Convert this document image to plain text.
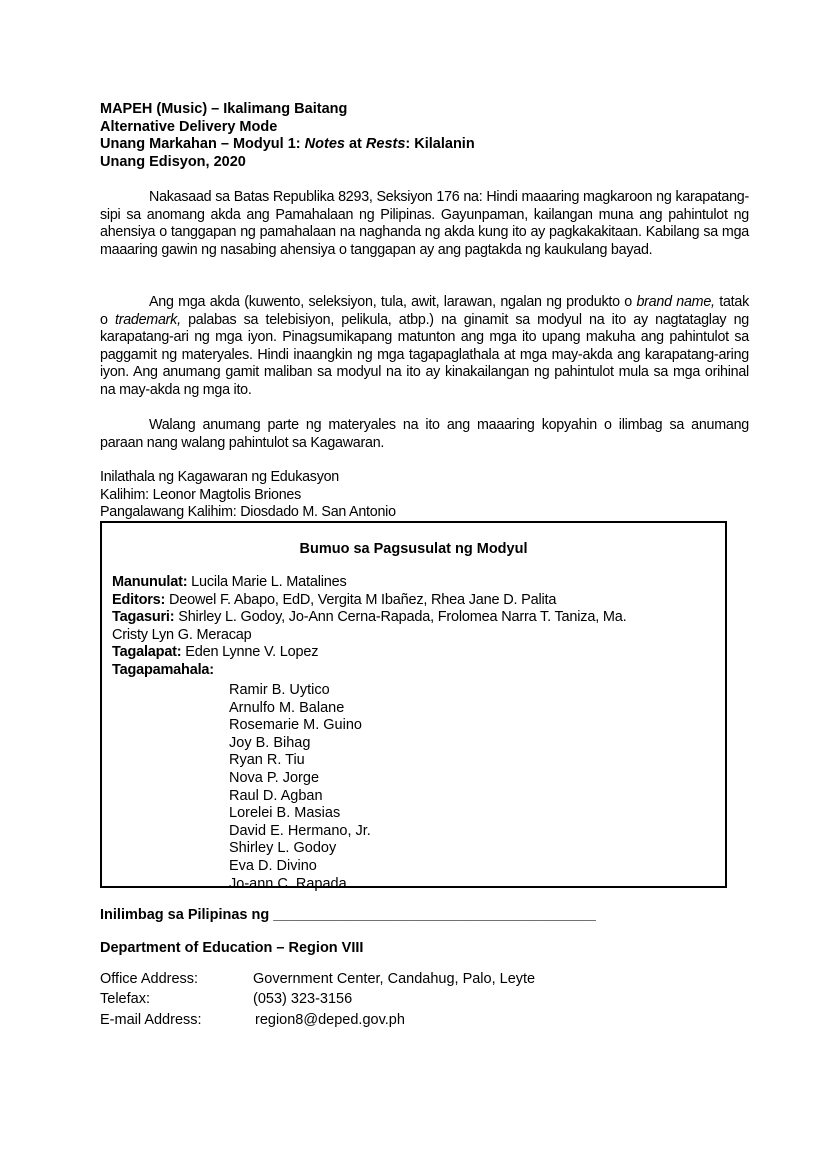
MAPEH (Music) – Ikalimang Baitang
Alternative Delivery Mode
Unang Markahan – Modyul 1: Notes at Rests: Kilalanin
Unang Edisyon, 2020
Nakasaad sa Batas Republika 8293, Seksiyon 176 na: Hindi maaaring magkaroon ng karapatang-sipi sa anomang akda ang Pamahalaan ng Pilipinas. Gayunpaman, kailangan muna ang pahintulot ng ahensiya o tanggapan ng pamahalaan na naghanda ng akda kung ito ay pagkakakitaan. Kabilang sa mga maaaring gawin ng nasabing ahensiya o tanggapan ay ang pagtakda ng kaukulang bayad.
Ang mga akda (kuwento, seleksiyon, tula, awit, larawan, ngalan ng produkto o brand name, tatak o trademark, palabas sa telebisiyon, pelikula, atbp.) na ginamit sa modyul na ito ay nagtataglay ng karapatang-ari ng mga iyon. Pinagsumikapang matunton ang mga ito upang makuha ang pahintulot sa paggamit ng materyales. Hindi inaangkin ng mga tagapaglathala at mga may-akda ang karapatang-aring iyon. Ang anumang gamit maliban sa modyul na ito ay kinakailangan ng pahintulot mula sa mga orihinal na may-akda ng mga ito.
Walang anumang parte ng materyales na ito ang maaaring kopyahin o ilimbag sa anumang paraan nang walang pahintulot sa Kagawaran.
Inilathala ng Kagawaran ng Edukasyon
Kalihim: Leonor Magtolis Briones
Pangalawang Kalihim: Diosdado M. San Antonio
Bumuo sa Pagsusulat ng Modyul
Manunulat: Lucila Marie L. Matalines
Editors: Deowel F. Abapo, EdD, Vergita M Ibañez, Rhea Jane D. Palita
Tagasuri: Shirley L. Godoy, Jo-Ann Cerna-Rapada, Frolomea Narra T. Taniza, Ma.
Cristy Lyn G. Meracap
Tagalapat: Eden Lynne V. Lopez
Tagapamahala:
Ramir B. Uytico
Arnulfo M. Balane
Rosemarie M. Guino
Joy B. Bihag
Ryan R. Tiu
Nova P. Jorge
Raul D. Agban
Lorelei B. Masias
David E. Hermano, Jr.
Shirley L. Godoy
Eva D. Divino
Jo-ann C. Rapada
Inilimbag sa Pilipinas ng ________________________________________
Department of Education – Region VIII
Office Address:	Government Center, Candahug, Palo, Leyte
Telefax:	(053) 323-3156
E-mail Address:	region8@deped.gov.ph
